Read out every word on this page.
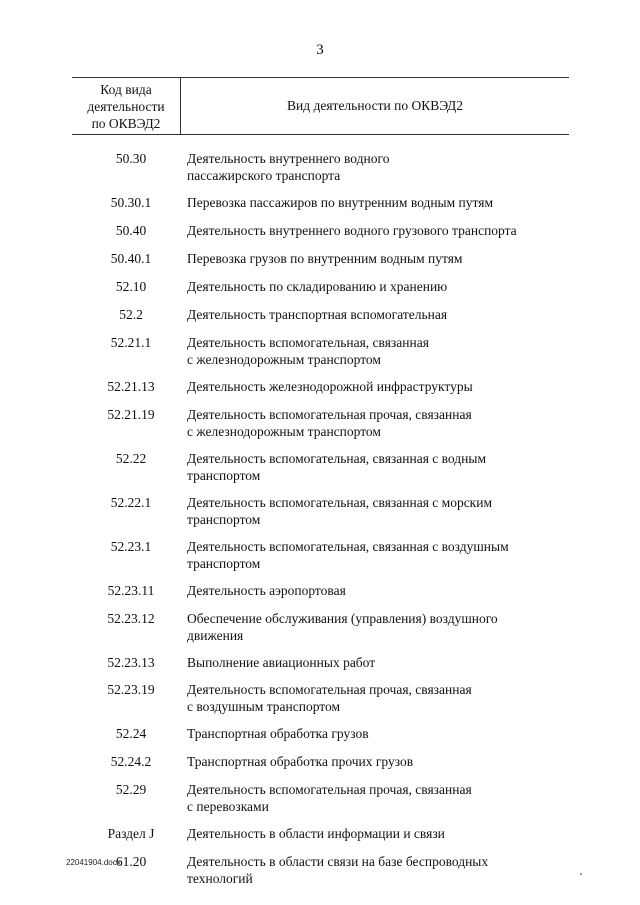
3
Код вида
деятельности
по ОКВЭД2
Вид деятельности по ОКВЭД2
50.30	Деятельность внутреннего водного
пассажирского транспорта
50.30.1	Перевозка пассажиров по внутренним водным путям
50.40	Деятельность внутреннего водного грузового транспорта
50.40.1	Перевозка грузов по внутренним водным путям
52.10	Деятельность по складированию и хранению
52.2	Деятельность транспортная вспомогательная
52.21.1	Деятельность вспомогательная, связанная
с железнодорожным транспортом
52.21.13	Деятельность железнодорожной инфраструктуры
52.21.19	Деятельность вспомогательная прочая, связанная
с железнодорожным транспортом
52.22	Деятельность вспомогательная, связанная с водным
транспортом
52.22.1	Деятельность вспомогательная, связанная с морским
транспортом
52.23.1	Деятельность вспомогательная, связанная с воздушным
транспортом
52.23.11	Деятельность аэропортовая
52.23.12	Обеспечение обслуживания (управления) воздушного
движения
52.23.13	Выполнение авиационных работ
52.23.19	Деятельность вспомогательная прочая, связанная
с воздушным транспортом
52.24	Транспортная обработка грузов
52.24.2	Транспортная обработка прочих грузов
52.29	Деятельность вспомогательная прочая, связанная
с перевозками
Раздел J	Деятельность в области информации и связи
61.20	Деятельность в области связи на базе беспроводных
технологий
22041904.docx
